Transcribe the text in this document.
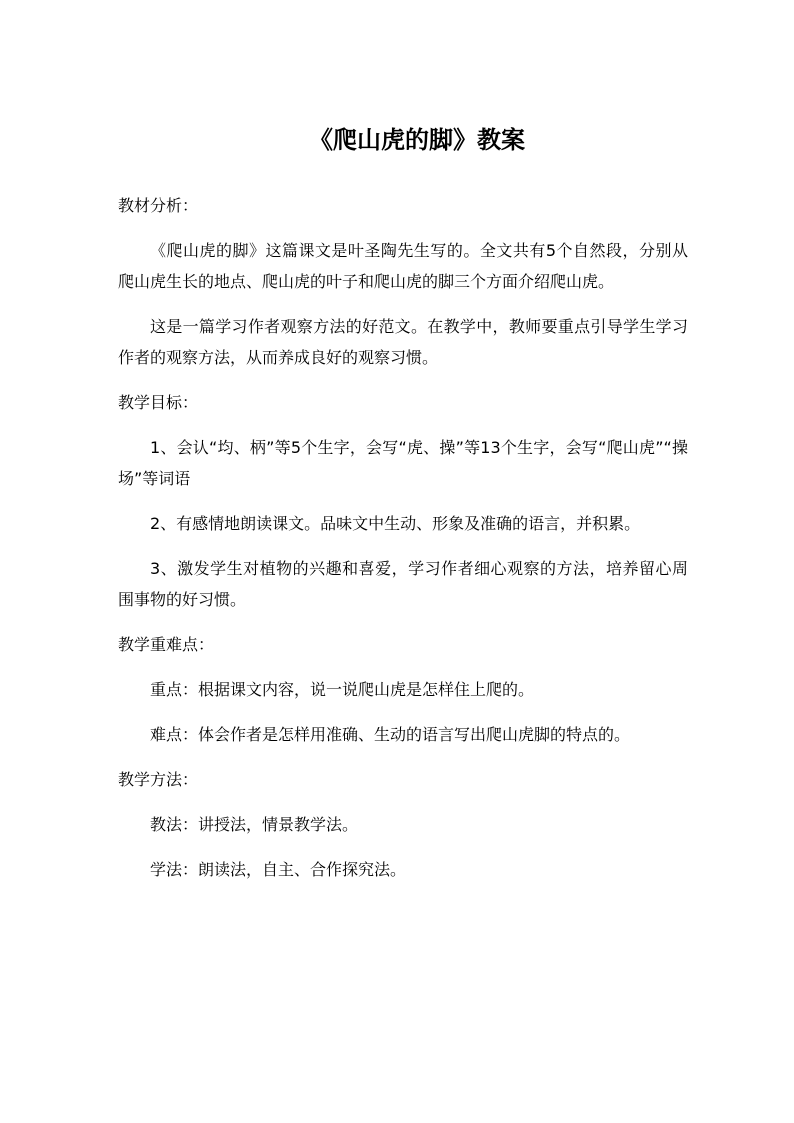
《爬山虎的脚》教案
教材分析：

《爬山虎的脚》这篇课文是叶圣陶先生写的。全文共有5个自然段，分别从爬山虎生长的地点、爬山虎的叶子和爬山虎的脚三个方面介绍爬山虎。

这是一篇学习作者观察方法的好范文。在教学中，教师要重点引导学生学习作者的观察方法，从而养成良好的观察习惯。

教学目标：

1、会认“均、柄”等5个生字，会写“虎、操”等13个生字，会写“爬山虎”“操场”等词语

2、有感情地朗读课文。品味文中生动、形象及准确的语言，并积累。

3、激发学生对植物的兴趣和喜爱，学习作者细心观察的方法，培养留心周围事物的好习惯。

教学重难点：

重点：根据课文内容，说一说爬山虎是怎样住上爬的。

难点：体会作者是怎样用准确、生动的语言写出爬山虎脚的特点的。

教学方法：

教法：讲授法，情景教学法。

学法：朗读法，自主、合作探究法。
